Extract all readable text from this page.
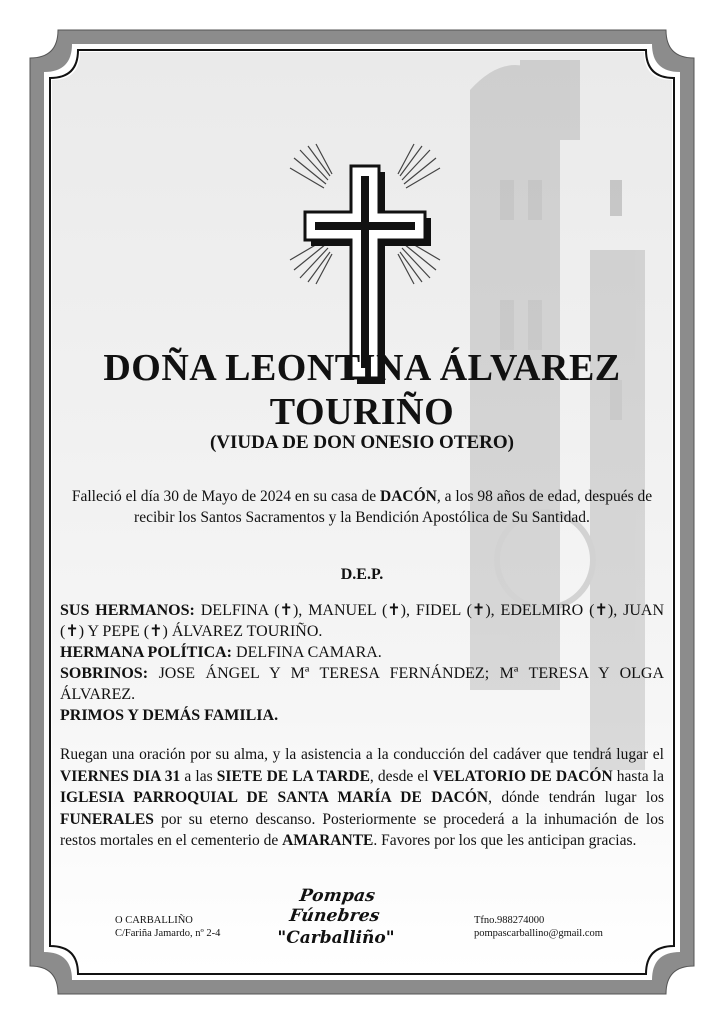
DOÑA LEONTINA ÁLVAREZ
TOURIÑO
(VIUDA DE DON ONESIO OTERO)
Falleció el día 30 de Mayo de 2024 en su casa de DACÓN, a los 98 años de edad, después de recibir los Santos Sacramentos y la Bendición Apostólica de Su Santidad.
D.E.P.

SUS HERMANOS: DELFINA (✝), MANUEL (✝), FIDEL (✝), EDELMIRO (✝), JUAN (✝) Y PEPE (✝) ÁLVAREZ TOURIÑO.

HERMANA POLÍTICA: DELFINA CAMARA.

SOBRINOS: JOSE ÁNGEL Y Mª TERESA FERNÁNDEZ; Mª TERESA Y OLGA ÁLVAREZ.

PRIMOS Y DEMÁS FAMILIA.

Ruegan una oración por su alma, y la asistencia a la conducción del cadáver que tendrá lugar el VIERNES DIA 31 a las SIETE DE LA TARDE, desde el VELATORIO DE DACÓN hasta la IGLESIA PARROQUIAL DE SANTA MARÍA DE DACÓN, dónde tendrán lugar los FUNERALES por su eterno descanso. Posteriormente se procederá a la inhumación de los restos mortales en el cementerio de AMARANTE. Favores por los que les anticipan gracias.
O CARBALLIÑO
C/Fariña Jamardo, nº 2-4
Pompas Fúnebres
"Carballiño"
Tfno.988274000
pompascarballino@gmail.com
